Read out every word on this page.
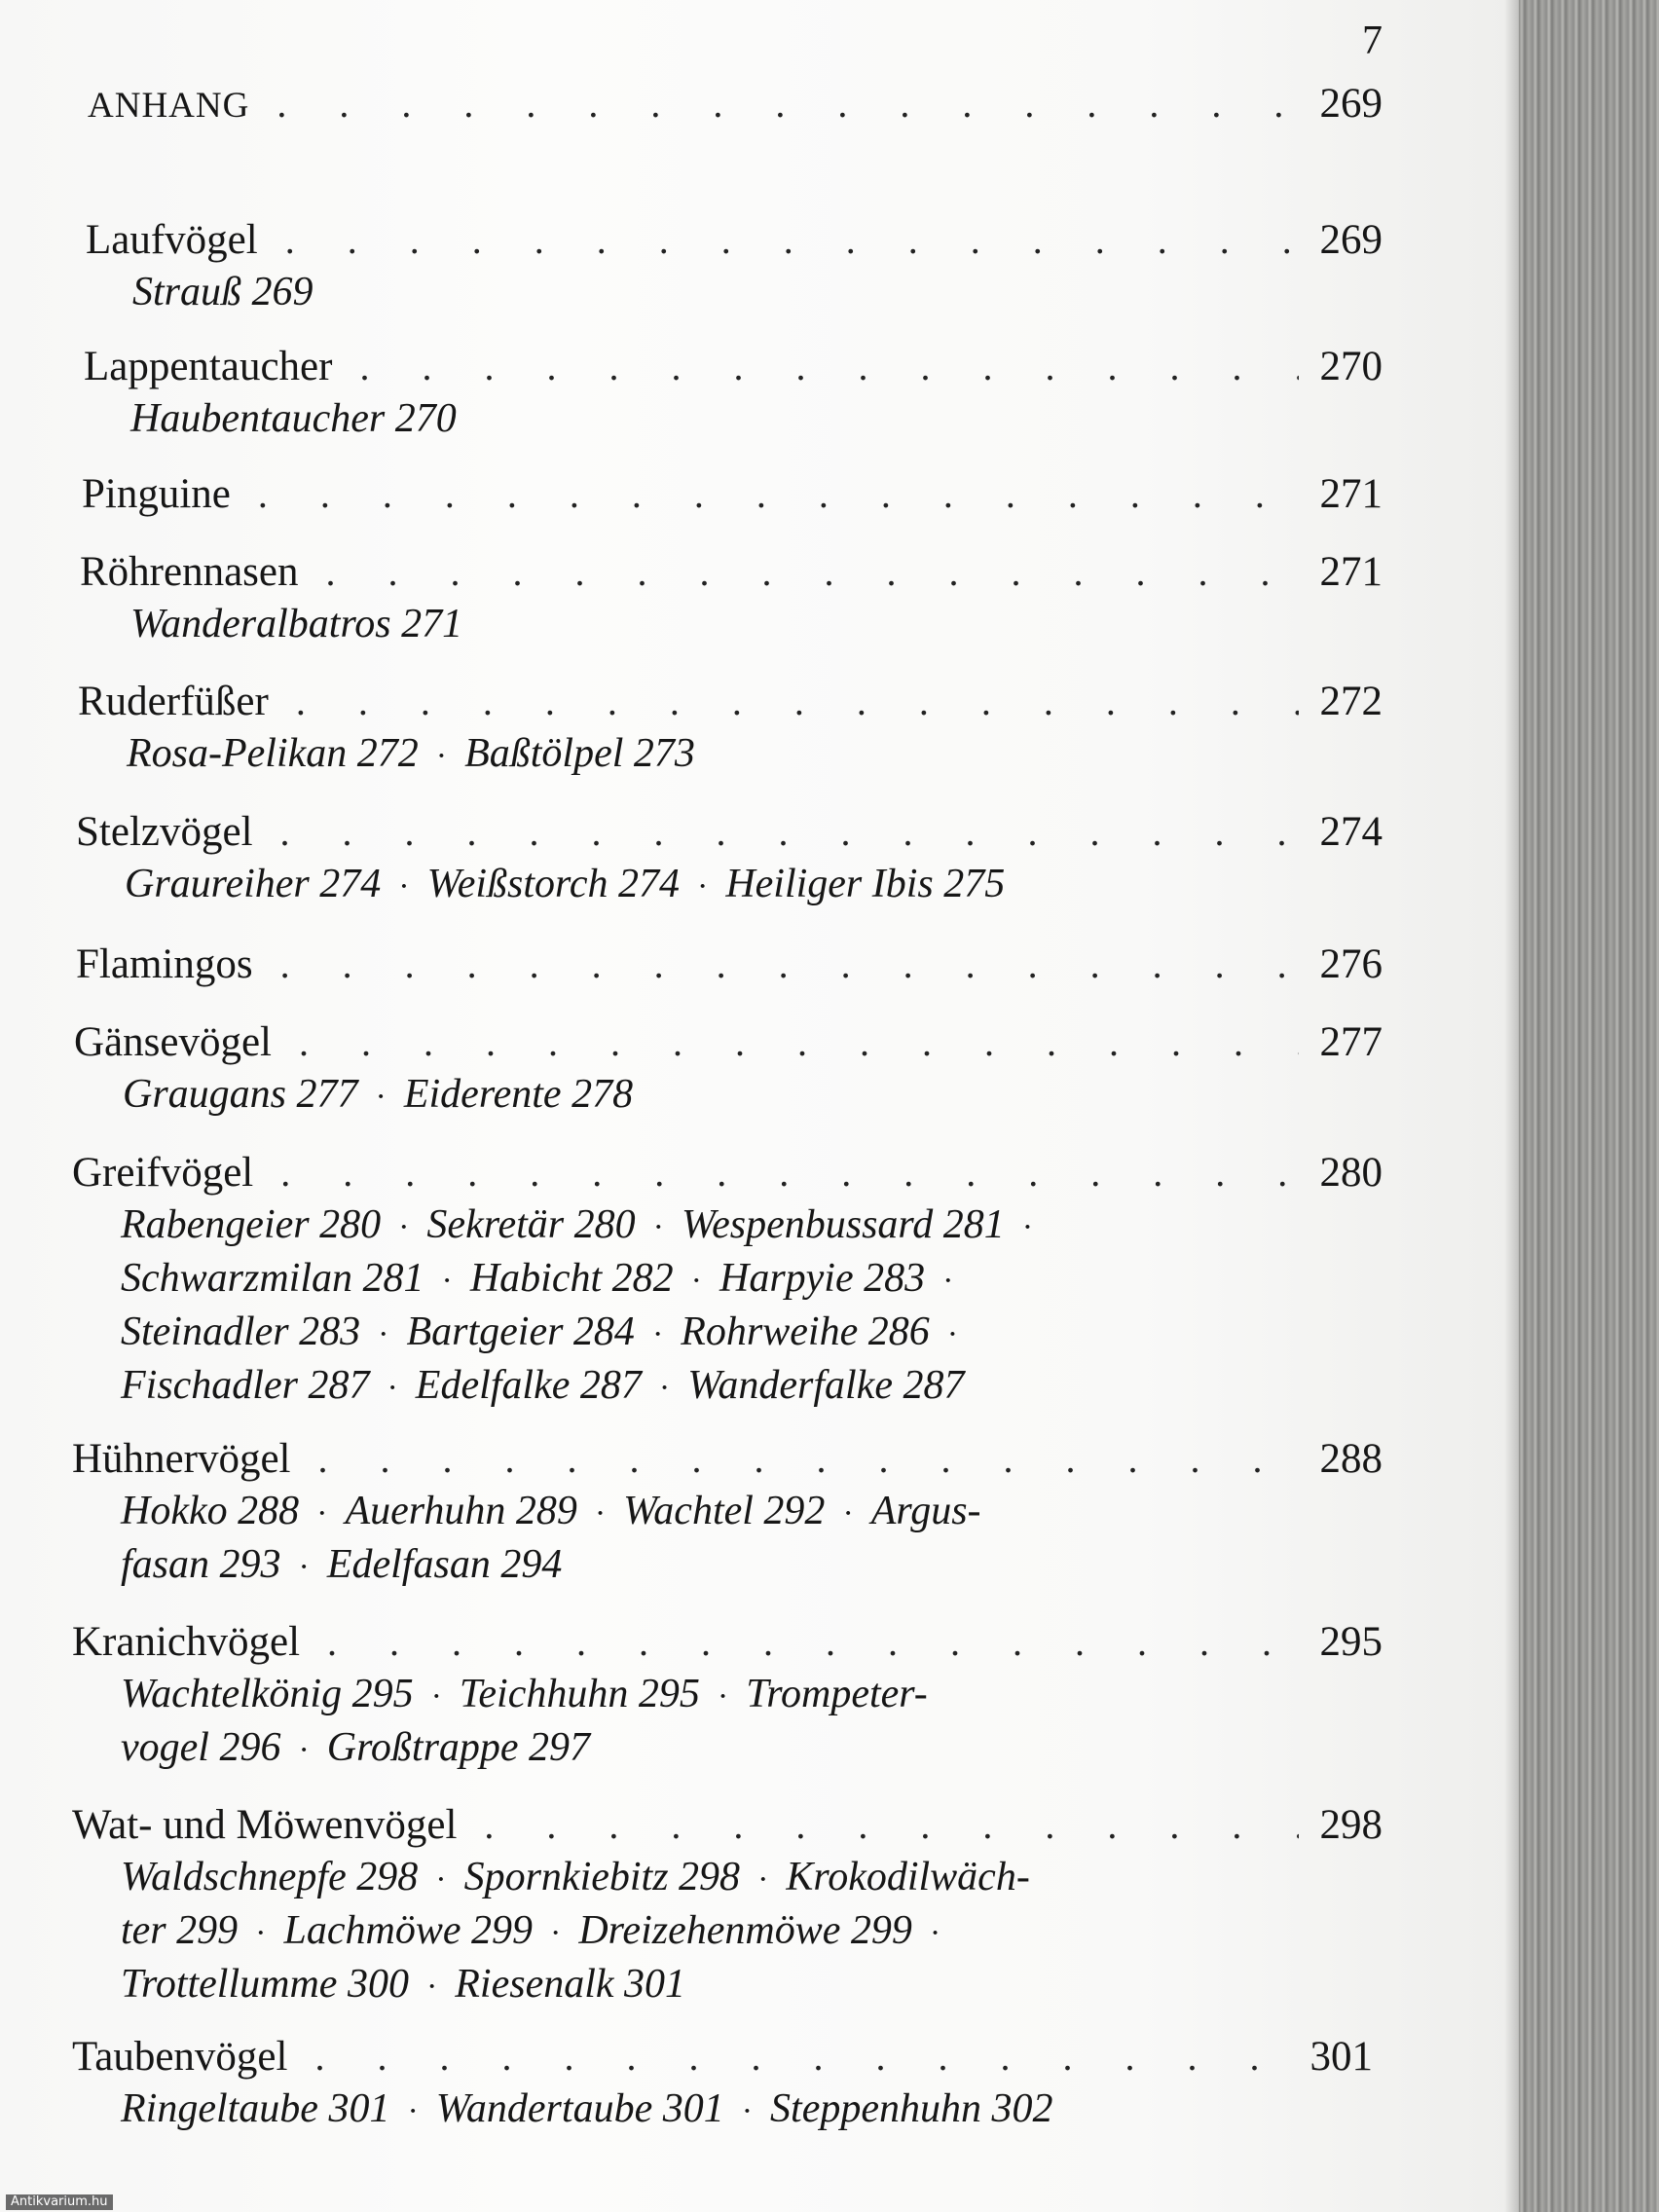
7
ANHANG . . .	269
Laufvögel . . .	269
Strauß 269
Lappentaucher . . .	270
Haubentaucher 270
Pinguine . . .	271
Röhrennasen . . .	271
Wanderalbatros 271
Ruderfüßer . . .	272
Rosa-Pelikan 272 · Baßtölpel 273
Stelzvögel . . .	274
Graureiher 274 · Weißstorch 274 · Heiliger Ibis 275
Flamingos . . .	276
Gänsevögel . . .	277
Graugans 277 · Eiderente 278
Greifvögel . . .	280
Rabengeier 280 · Sekretär 280 · Wespenbussard 281 ·
Schwarzmilan 281 · Habicht 282 · Harpyie 283 ·
Steinadler 283 · Bartgeier 284 · Rohrweihe 286 ·
Fischadler 287 · Edelfalke 287 · Wanderfalke 287
Hühnervögel . . .	288
Hokko 288 · Auerhuhn 289 · Wachtel 292 · Argus-
fasan 293 · Edelfasan 294
Kranichvögel . . .	295
Wachtelkönig 295 · Teichhuhn 295 · Trompeter-
vogel 296 · Großtrappe 297
Wat- und Möwenvögel . . .	298
Waldschnepfe 298 · Spornkiebitz 298 · Krokodilwäch-
ter 299 · Lachmöwe 299 · Dreizehenmöwe 299 ·
Trottellumme 300 · Riesenalk 301
Taubenvögel . . .	301
Ringeltaube 301 · Wandertaube 301 · Steppenhuhn 302
Antikvarium.hu
